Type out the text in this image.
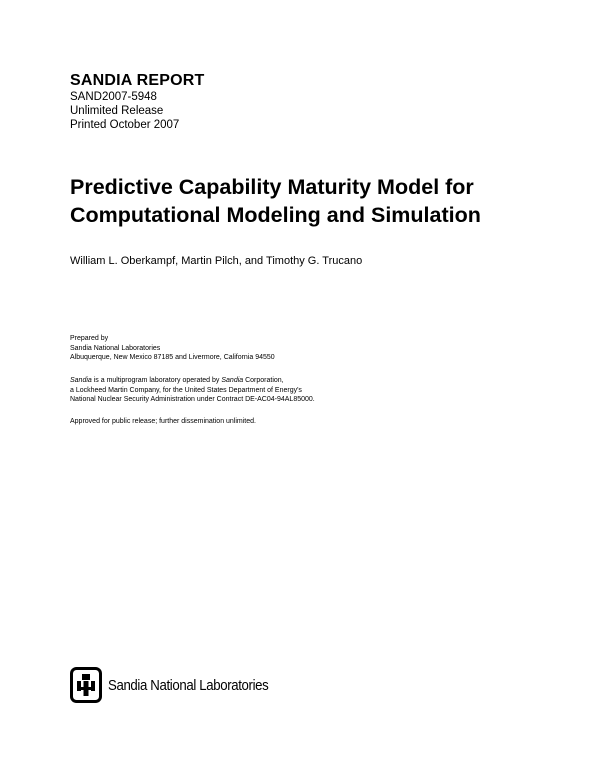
SANDIA REPORT
SAND2007-5948
Unlimited Release
Printed October 2007
Predictive Capability Maturity Model for
Computational Modeling and Simulation
William L. Oberkampf, Martin Pilch, and Timothy G. Trucano
Prepared by
Sandia National Laboratories
Albuquerque, New Mexico 87185 and Livermore, California 94550
Sandia is a multiprogram laboratory operated by Sandia Corporation,
a Lockheed Martin Company, for the United States Department of Energy's
National Nuclear Security Administration under Contract DE-AC04-94AL85000.
Approved for public release; further dissemination unlimited.
Sandia National Laboratories
